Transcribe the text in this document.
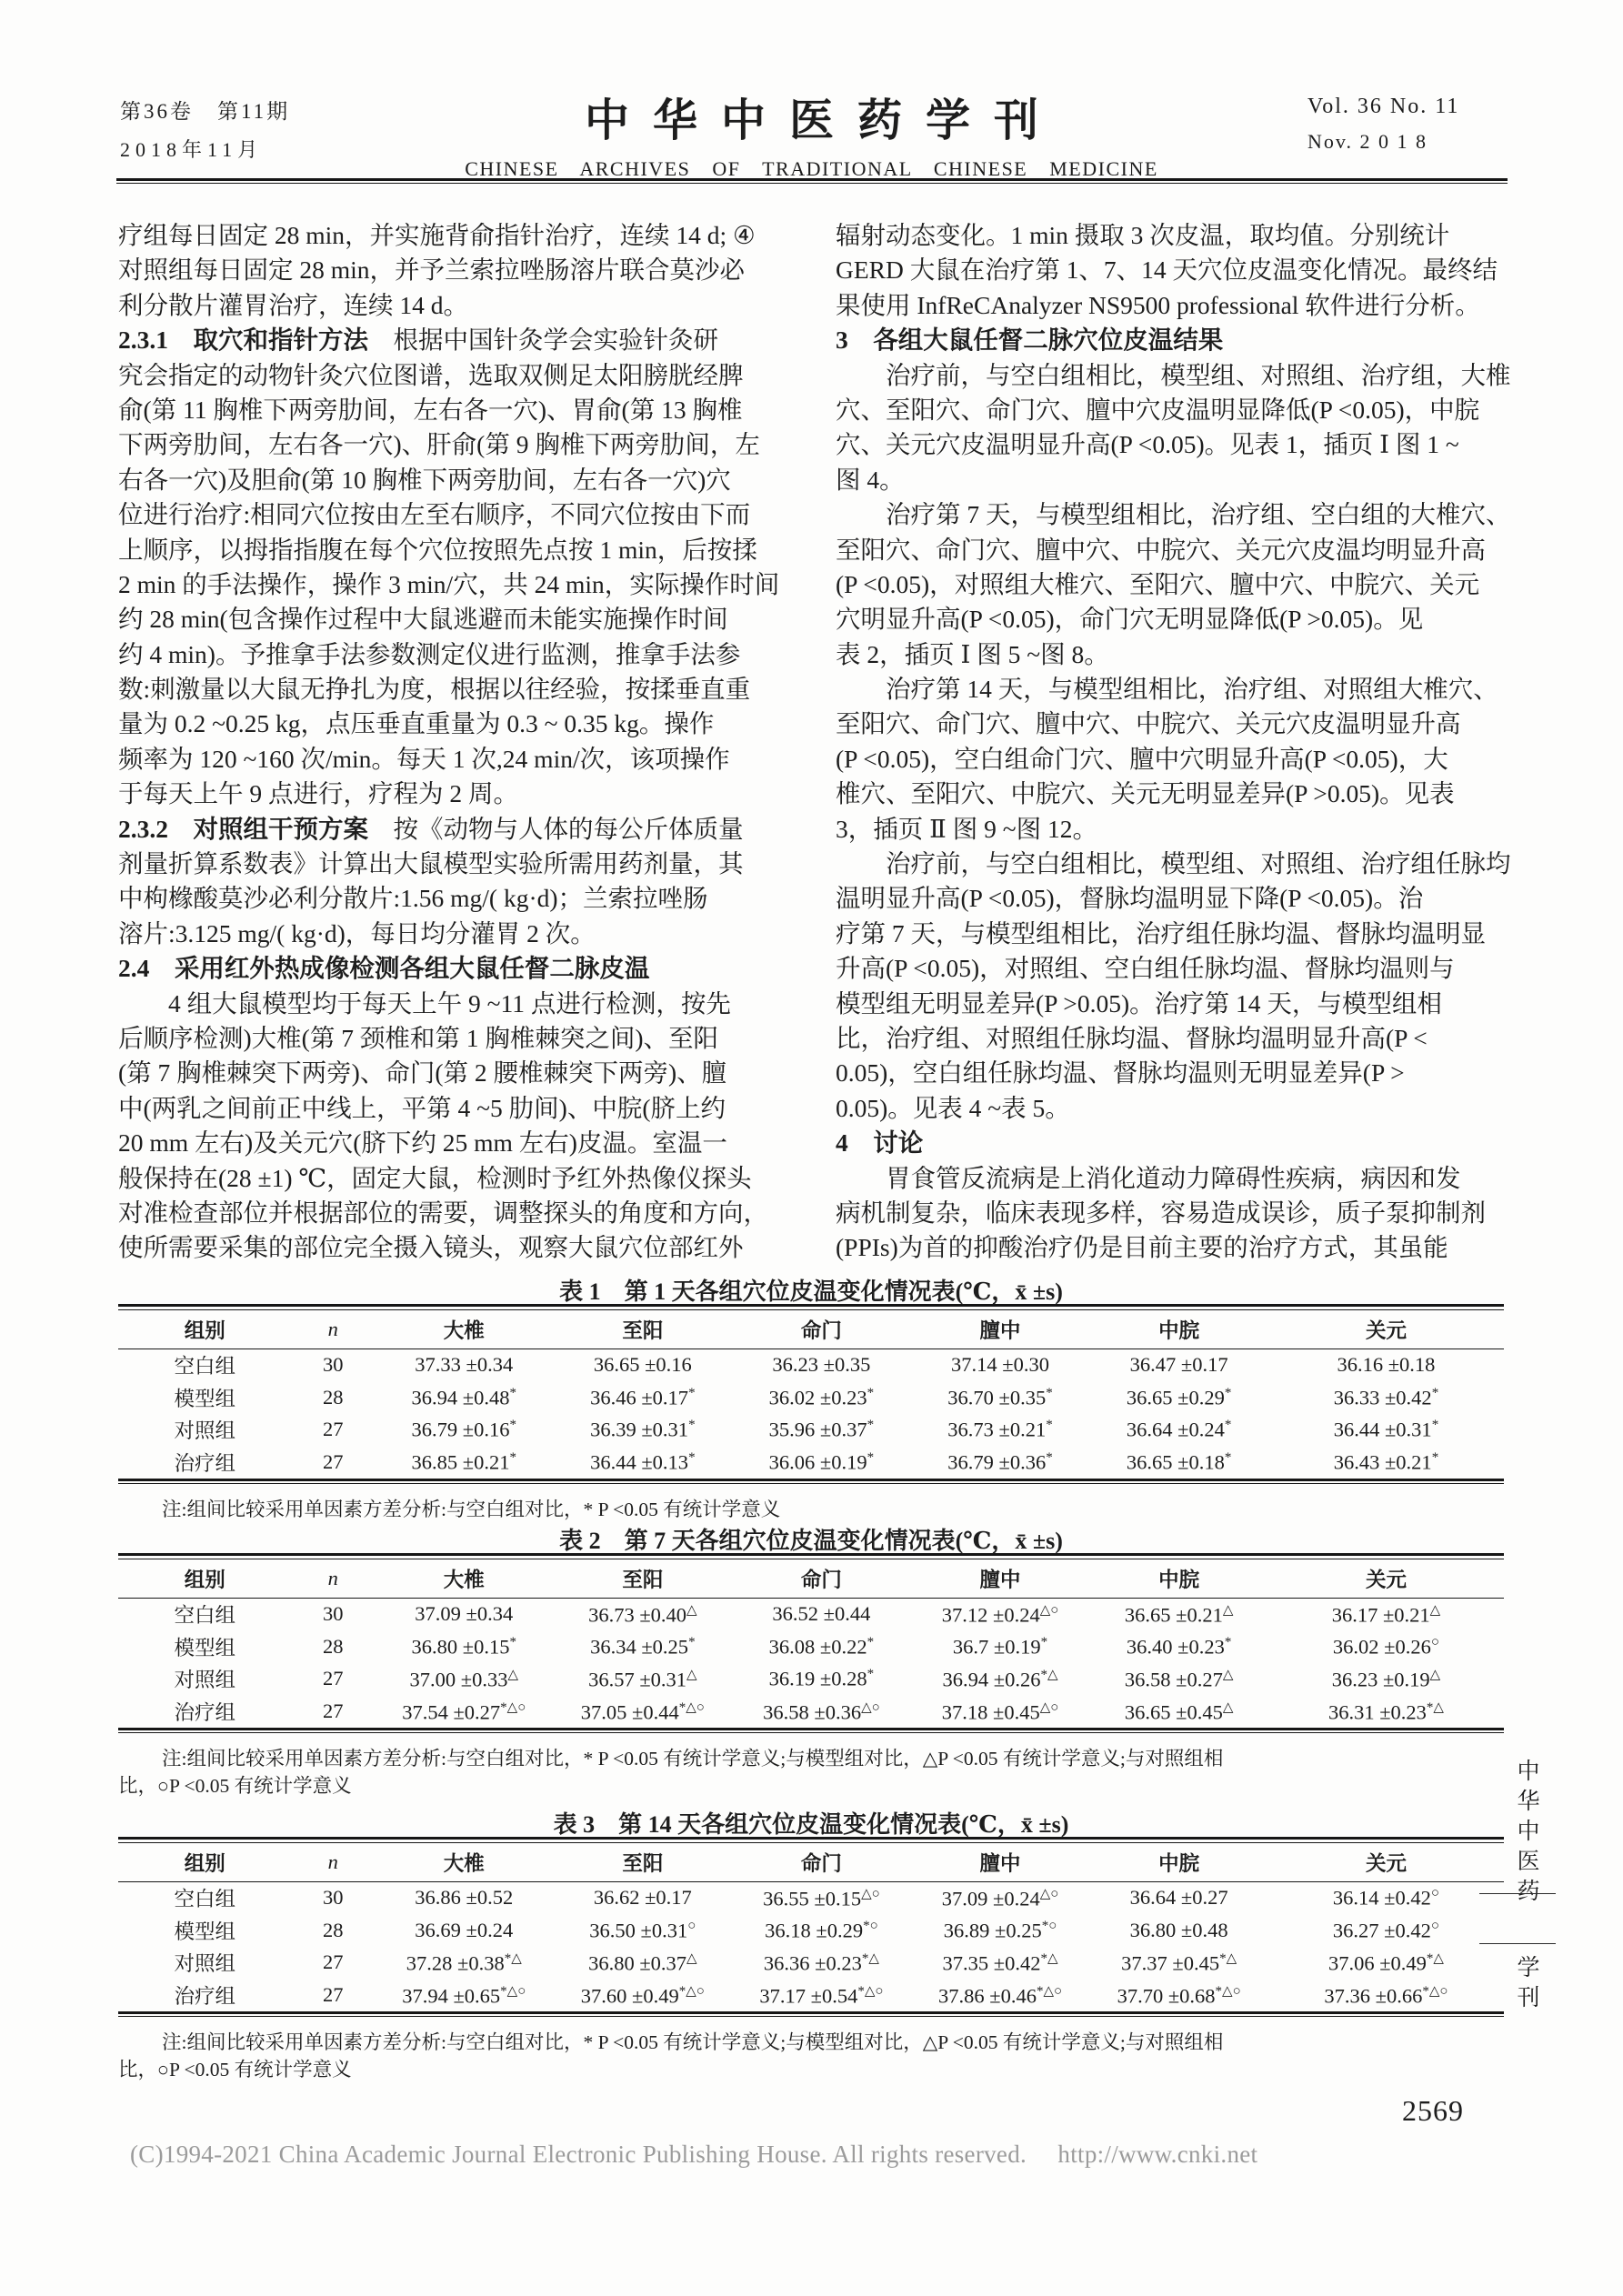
第36卷　第11期
2018年11月
中华中医药学刊
CHINESE ARCHIVES OF TRADITIONAL CHINESE MEDICINE
Vol. 36 No. 11
Nov. 2 0 1 8
疗组每日固定 28 min，并实施背俞指针治疗，连续 14 d; ④
对照组每日固定 28 min，并予兰索拉唑肠溶片联合莫沙必
利分散片灌胃治疗，连续 14 d。
2.3.1　取穴和指针方法　根据中国针灸学会实验针灸研
究会指定的动物针灸穴位图谱，选取双侧足太阳膀胱经脾
俞(第 11 胸椎下两旁肋间，左右各一穴)、胃俞(第 13 胸椎
下两旁肋间，左右各一穴)、肝俞(第 9 胸椎下两旁肋间，左
右各一穴)及胆俞(第 10 胸椎下两旁肋间，左右各一穴)穴
位进行治疗:相同穴位按由左至右顺序，不同穴位按由下而
上顺序，以拇指指腹在每个穴位按照先点按 1 min，后按揉
2 min 的手法操作，操作 3 min/穴，共 24 min，实际操作时间
约 28 min(包含操作过程中大鼠逃避而未能实施操作时间
约 4 min)。予推拿手法参数测定仪进行监测，推拿手法参
数:刺激量以大鼠无挣扎为度，根据以往经验，按揉垂直重
量为 0.2 ~0.25 kg，点压垂直重量为 0.3 ~ 0.35 kg。操作
频率为 120 ~160 次/min。每天 1 次,24 min/次，该项操作
于每天上午 9 点进行，疗程为 2 周。
2.3.2　对照组干预方案　按《动物与人体的每公斤体质量
剂量折算系数表》计算出大鼠模型实验所需用药剂量，其
中枸橼酸莫沙必利分散片:1.56 mg/( kg·d)；兰索拉唑肠
溶片:3.125 mg/( kg·d)，每日均分灌胃 2 次。
2.4　采用红外热成像检测各组大鼠任督二脉皮温
　　4 组大鼠模型均于每天上午 9 ~11 点进行检测，按先
后顺序检测)大椎(第 7 颈椎和第 1 胸椎棘突之间)、至阳
(第 7 胸椎棘突下两旁)、命门(第 2 腰椎棘突下两旁)、膻
中(两乳之间前正中线上，平第 4 ~5 肋间)、中脘(脐上约
20 mm 左右)及关元穴(脐下约 25 mm 左右)皮温。室温一
般保持在(28 ±1) ℃，固定大鼠，检测时予红外热像仪探头
对准检查部位并根据部位的需要，调整探头的角度和方向，
使所需要采集的部位完全摄入镜头，观察大鼠穴位部红外
辐射动态变化。1 min 摄取 3 次皮温，取均值。分别统计
GERD 大鼠在治疗第 1、7、14 天穴位皮温变化情况。最终结
果使用 InfReCAnalyzer NS9500 professional 软件进行分析。
3　各组大鼠任督二脉穴位皮温结果
　　治疗前，与空白组相比，模型组、对照组、治疗组，大椎
穴、至阳穴、命门穴、膻中穴皮温明显降低(P <0.05)，中脘
穴、关元穴皮温明显升高(P <0.05)。见表 1，插页 Ⅰ 图 1 ~
图 4。
　　治疗第 7 天，与模型组相比，治疗组、空白组的大椎穴、
至阳穴、命门穴、膻中穴、中脘穴、关元穴皮温均明显升高
(P <0.05)，对照组大椎穴、至阳穴、膻中穴、中脘穴、关元
穴明显升高(P <0.05)，命门穴无明显降低(P >0.05)。见
表 2，插页 Ⅰ 图 5 ~图 8。
　　治疗第 14 天，与模型组相比，治疗组、对照组大椎穴、
至阳穴、命门穴、膻中穴、中脘穴、关元穴皮温明显升高
(P <0.05)，空白组命门穴、膻中穴明显升高(P <0.05)，大
椎穴、至阳穴、中脘穴、关元无明显差异(P >0.05)。见表
3，插页 Ⅱ 图 9 ~图 12。
　　治疗前，与空白组相比，模型组、对照组、治疗组任脉均
温明显升高(P <0.05)，督脉均温明显下降(P <0.05)。治
疗第 7 天，与模型组相比，治疗组任脉均温、督脉均温明显
升高(P <0.05)，对照组、空白组任脉均温、督脉均温则与
模型组无明显差异(P >0.05)。治疗第 14 天，与模型组相
比，治疗组、对照组任脉均温、督脉均温明显升高(P <
0.05)，空白组任脉均温、督脉均温则无明显差异(P >
0.05)。见表 4 ~表 5。
4　讨论
　　胃食管反流病是上消化道动力障碍性疾病，病因和发
病机制复杂，临床表现多样，容易造成误诊，质子泵抑制剂
(PPIs)为首的抑酸治疗仍是目前主要的治疗方式，其虽能
表 1　第 1 天各组穴位皮温变化情况表(℃，x̄ ±s)
组别	n	大椎	至阳	命门	膻中	中脘	关元
空白组	30	37.33 ±0.34	36.65 ±0.16	36.23 ±0.35	37.14 ±0.30	36.47 ±0.17	36.16 ±0.18
模型组	28	36.94 ±0.48*	36.46 ±0.17*	36.02 ±0.23*	36.70 ±0.35*	36.65 ±0.29*	36.33 ±0.42*
对照组	27	36.79 ±0.16*	36.39 ±0.31*	35.96 ±0.37*	36.73 ±0.21*	36.64 ±0.24*	36.44 ±0.31*
治疗组	27	36.85 ±0.21*	36.44 ±0.13*	36.06 ±0.19*	36.79 ±0.36*	36.65 ±0.18*	36.43 ±0.21*
注:组间比较采用单因素方差分析:与空白组对比，* P <0.05 有统计学意义
表 2　第 7 天各组穴位皮温变化情况表(℃，x̄ ±s)
组别	n	大椎	至阳	命门	膻中	中脘	关元
空白组	30	37.09 ±0.34	36.73 ±0.40△	36.52 ±0.44	37.12 ±0.24△○	36.65 ±0.21△	36.17 ±0.21△
模型组	28	36.80 ±0.15*	36.34 ±0.25*	36.08 ±0.22*	36.7 ±0.19*	36.40 ±0.23*	36.02 ±0.26○
对照组	27	37.00 ±0.33△	36.57 ±0.31△	36.19 ±0.28*	36.94 ±0.26*△	36.58 ±0.27△	36.23 ±0.19△
治疗组	27	37.54 ±0.27*△○	37.05 ±0.44*△○	36.58 ±0.36△○	37.18 ±0.45△○	36.65 ±0.45△	36.31 ±0.23*△
注:组间比较采用单因素方差分析:与空白组对比，* P <0.05 有统计学意义;与模型组对比，△P <0.05 有统计学意义;与对照组相
比，○P <0.05 有统计学意义
表 3　第 14 天各组穴位皮温变化情况表(℃，x̄ ±s)
组别	n	大椎	至阳	命门	膻中	中脘	关元
空白组	30	36.86 ±0.52	36.62 ±0.17	36.55 ±0.15△○	37.09 ±0.24△○	36.64 ±0.27	36.14 ±0.42○
模型组	28	36.69 ±0.24	36.50 ±0.31○	36.18 ±0.29*○	36.89 ±0.25*○	36.80 ±0.48	36.27 ±0.42○
对照组	27	37.28 ±0.38*△	36.80 ±0.37△	36.36 ±0.23*△	37.35 ±0.42*△	37.37 ±0.45*△	37.06 ±0.49*△
治疗组	27	37.94 ±0.65*△○	37.60 ±0.49*△○	37.17 ±0.54*△○	37.86 ±0.46*△○	37.70 ±0.68*△○	37.36 ±0.66*△○
注:组间比较采用单因素方差分析:与空白组对比，* P <0.05 有统计学意义;与模型组对比，△P <0.05 有统计学意义;与对照组相
比，○P <0.05 有统计学意义
中华中医药
学刊
2569
(C)1994-2021 China Academic Journal Electronic Publishing House. All rights reserved.　 http://www.cnki.net
